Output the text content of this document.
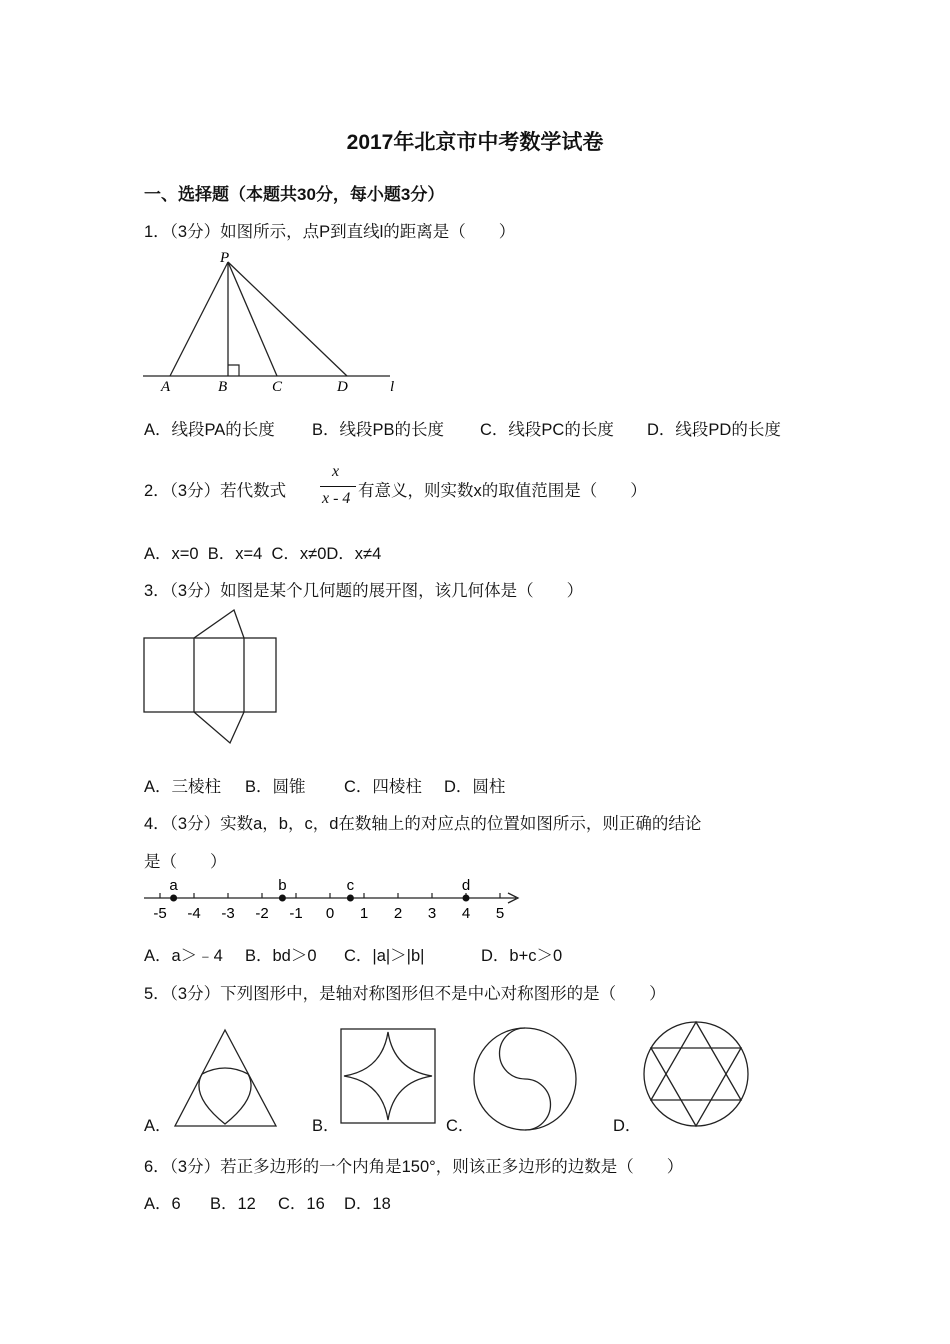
2017年北京市中考数学试卷
一、选择题（本题共30分，每小题3分）
1．（3分）如图所示，点P到直线l的距离是（　　）
P
A	B	C	D	l
A．线段PA的长度 B．线段PB的长度 C．线段PC的长度 D．线段PD的长度
2．（3分）若代数式
x
x - 4 有意义，则实数x的取值范围是（　　）
A．x=0  B．x=4  C．x≠0D．x≠4
3．（3分）如图是某个几何题的展开图，该几何体是（　　）
A．三棱柱 B．圆锥 C．四棱柱 D．圆柱
4．（3分）实数a，b，c，d在数轴上的对应点的位置如图所示，则正确的结论
是（　　）
-5 -4 -3 -2 -1 0 1 2 3 4 5
a	b	c	d
A．a＞﹣4 B．bd＞0 C．|a|＞|b|	D．b+c＞0
5．（3分）下列图形中，是轴对称图形但不是中心对称图形的是（　　）
A．	B．	C．	D．
6．（3分）若正多边形的一个内角是150°，则该正多边形的边数是（　　）
A．6 B．12 C．16 D．18
